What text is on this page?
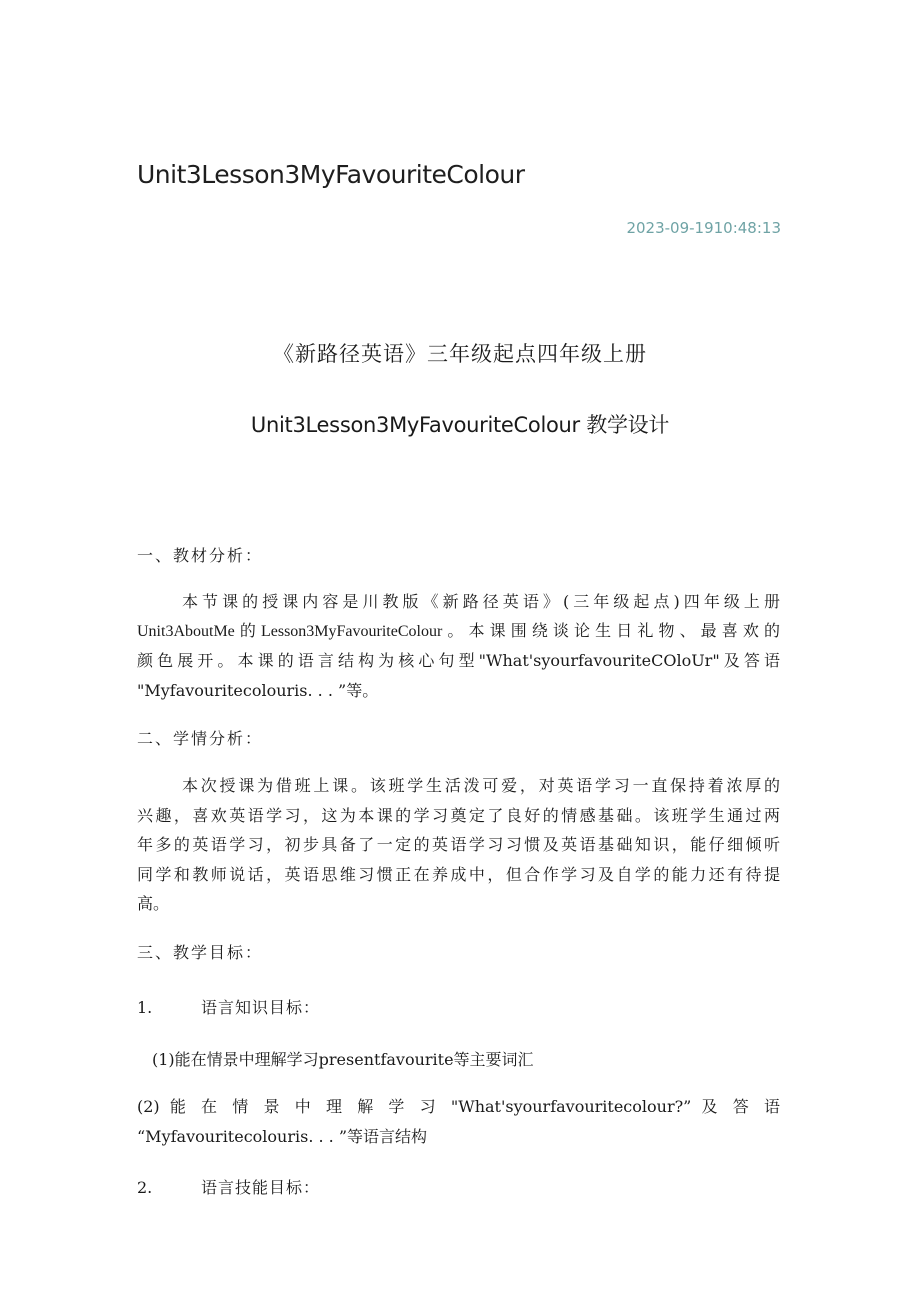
Unit3Lesson3MyFavouriteColour
2023-09-1910:48:13
《新路径英语》三年级起点四年级上册
Unit3Lesson3MyFavouriteColour 教学设计
一、教材分析：
本节课的授课内容是川教版《新路径英语》(三年级起点)四年级上册
Unit3AboutMe的Lesson3MyFavouriteColour。本课围绕谈论生日礼物、最喜欢的
颜色展开。本课的语言结构为核心句型"What'syourfavouriteCOloUr"及答语
"Myfavouritecolouris. . . ”等。
二、学情分析：
本次授课为借班上课。该班学生活泼可爱，对英语学习一直保持着浓厚的
兴趣，喜欢英语学习，这为本课的学习奠定了良好的情感基础。该班学生通过两
年多的英语学习，初步具备了一定的英语学习习惯及英语基础知识，能仔细倾听
同学和教师说话，英语思维习惯正在养成中，但合作学习及自学的能力还有待提
高。
三、教学目标：
1.	语言知识目标：
(1)能在情景中理解学习presentfavourite等主要词汇
(2) 能 在 情 景 中 理 解 学 习 "What'syourfavouritecolour?” 及 答 语
“Myfavouritecolouris. . . ”等语言结构
2.	语言技能目标：
